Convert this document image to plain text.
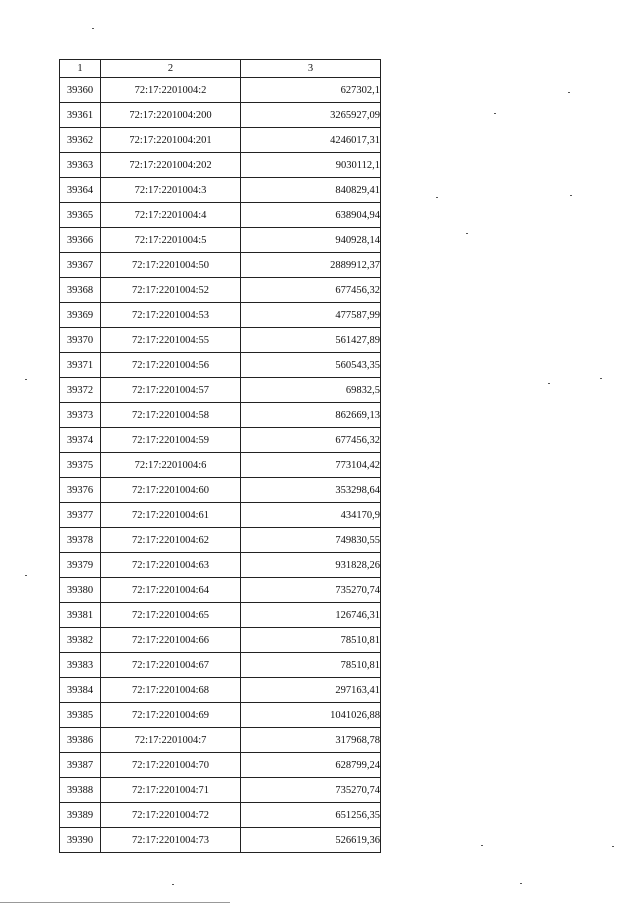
1	2	3
39360	72:17:2201004:2	627302,1
39361	72:17:2201004:200	3265927,09
39362	72:17:2201004:201	4246017,31
39363	72:17:2201004:202	9030112,1
39364	72:17:2201004:3	840829,41
39365	72:17:2201004:4	638904,94
39366	72:17:2201004:5	940928,14
39367	72:17:2201004:50	2889912,37
39368	72:17:2201004:52	677456,32
39369	72:17:2201004:53	477587,99
39370	72:17:2201004:55	561427,89
39371	72:17:2201004:56	560543,35
39372	72:17:2201004:57	69832,5
39373	72:17:2201004:58	862669,13
39374	72:17:2201004:59	677456,32
39375	72:17:2201004:6	773104,42
39376	72:17:2201004:60	353298,64
39377	72:17:2201004:61	434170,9
39378	72:17:2201004:62	749830,55
39379	72:17:2201004:63	931828,26
39380	72:17:2201004:64	735270,74
39381	72:17:2201004:65	126746,31
39382	72:17:2201004:66	78510,81
39383	72:17:2201004:67	78510,81
39384	72:17:2201004:68	297163,41
39385	72:17:2201004:69	1041026,88
39386	72:17:2201004:7	317968,78
39387	72:17:2201004:70	628799,24
39388	72:17:2201004:71	735270,74
39389	72:17:2201004:72	651256,35
39390	72:17:2201004:73	526619,36
